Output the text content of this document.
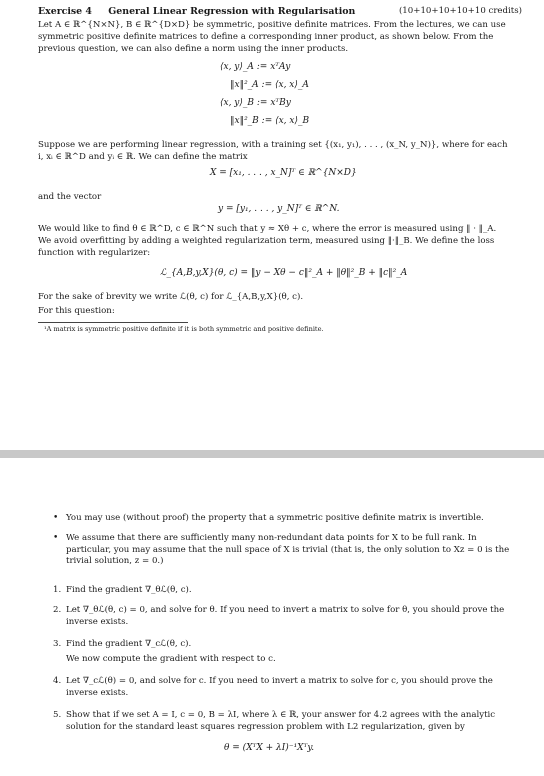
Exercise 4 General Linear Regression with Regularisation	(10+10+10+10+10 credits)
Let A ∈ ℝ^{N×N}, B ∈ ℝ^{D×D} be symmetric, positive definite matrices. From the lectures, we can use
symmetric positive definite matrices to define a corresponding inner product, as shown below. From the
previous question, we can also define a norm using the inner products.
⟨x, y⟩_A := xᵀAy
‖x‖²_A := ⟨x, x⟩_A
⟨x, y⟩_B := xᵀBy
‖x‖²_B := ⟨x, x⟩_B
Suppose we are performing linear regression, with a training set {(x₁, y₁), . . . , (x_N, y_N)}, where for each
i, xᵢ ∈ ℝ^D and yᵢ ∈ ℝ. We can define the matrix
X = [x₁, . . . , x_N]ᵀ ∈ ℝ^{N×D}
and the vector
y = [y₁, . . . , y_N]ᵀ ∈ ℝ^N.
We would like to find θ ∈ ℝ^D, c ∈ ℝ^N such that y ≈ Xθ + c, where the error is measured using ‖ · ‖_A.
We avoid overfitting by adding a weighted regularization term, measured using ‖·‖_B. We define the loss
function with regularizer:
ℒ_{A,B,y,X}(θ, c) = ‖y − Xθ − c‖²_A + ‖θ‖²_B + ‖c‖²_A
For the sake of brevity we write ℒ(θ, c) for ℒ_{A,B,y,X}(θ, c).
For this question:
¹A matrix is symmetric positive definite if it is both symmetric and positive definite.
• You may use (without proof) the property that a symmetric positive definite matrix is invertible.
• We assume that there are sufficiently many non-redundant data points for X to be full rank. In particular, you may assume that the null space of X is trivial (that is, the only solution to Xz = 0 is the trivial solution, z = 0.)
1. Find the gradient ∇_θℒ(θ, c).
2. Let ∇_θℒ(θ, c) = 0, and solve for θ. If you need to invert a matrix to solve for θ, you should prove the inverse exists.
3. Find the gradient ∇_cℒ(θ, c).
We now compute the gradient with respect to c.
4. Let ∇_cℒ(θ) = 0, and solve for c. If you need to invert a matrix to solve for c, you should prove the inverse exists.
5. Show that if we set A = I, c = 0, B = λI, where λ ∈ ℝ, your answer for 4.2 agrees with the analytic solution for the standard least squares regression problem with L2 regularization, given by
θ = (XᵀX + λI)⁻¹Xᵀy.
